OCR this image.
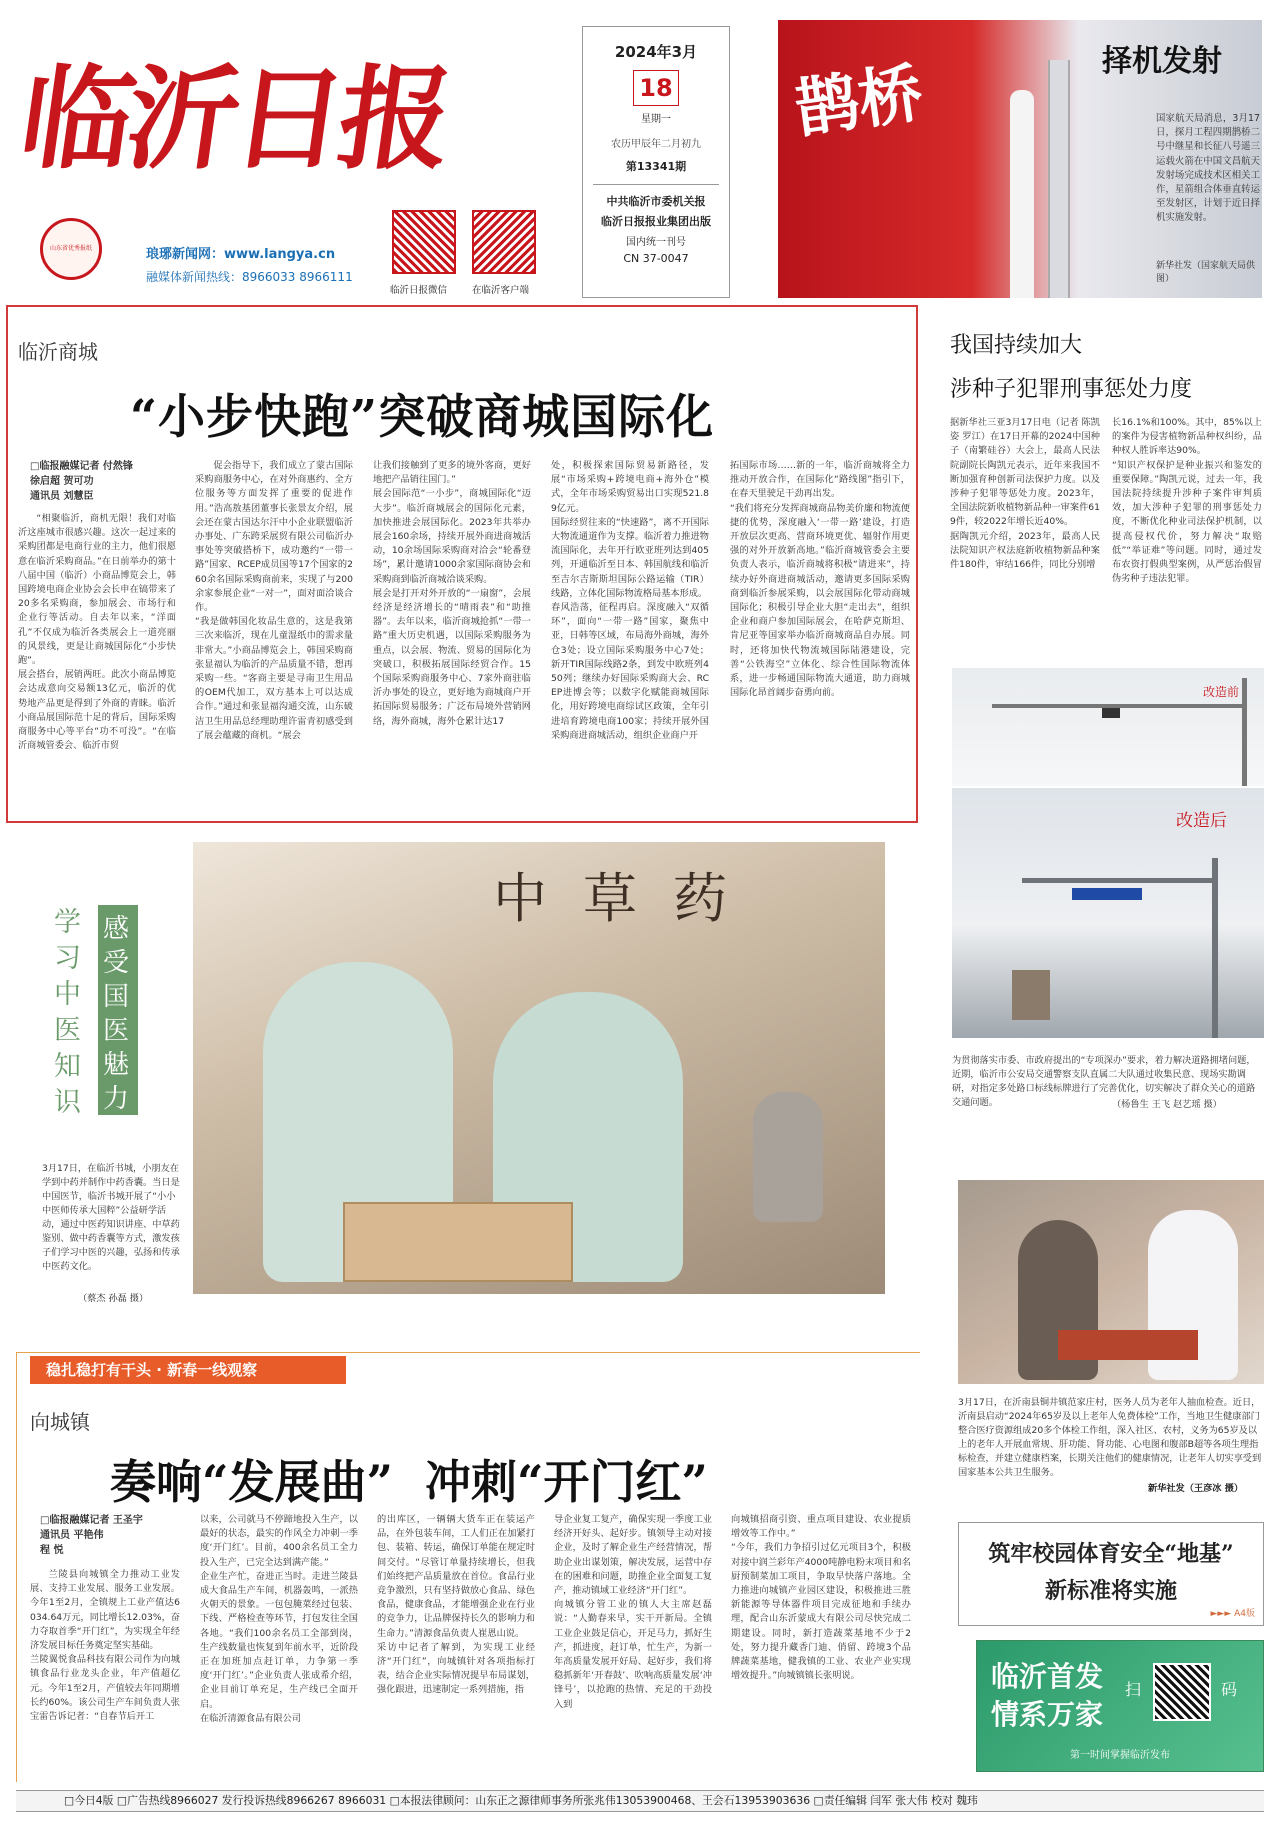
临沂日报
山东省优秀报纸	琅琊新闻网：www.langya.cn
融媒体新闻热线：8966033 8966111
临沂日报微信	在临沂客户端
2024年3月
18
星期一
农历甲辰年二月初九
第13341期
中共临沂市委机关报
临沂日报报业集团出版
国内统一刊号
CN 37-0047
鹊桥	择机发射
国家航天局消息，3月17日，探月工程四期鹊桥二号中继星和长征八号遥三运载火箭在中国文昌航天发射场完成技术区相关工作，星箭组合体垂直转运至发射区，计划于近日择机实施发射。
新华社发（国家航天局供图）
临沂商城
“小步快跑”突破商城国际化
□临报融媒记者 付然锋
徐启超 贺可功
通讯员 刘慧臣
“相聚临沂，商机无限！我们对临沂这座城市很感兴趣。这次一起过来的采购团都是电商行业的主力，他们很愿意在临沂采购商品。”在日前举办的第十八届中国（临沂）小商品博览会上，韩国跨境电商企业协会会长申在镐带来了20多名采购商，参加展会、市场行和企业行等活动。自去年以来，“洋面孔”不仅成为临沂各类展会上一道亮丽的风景线，更是让商城国际化“小步快跑”。
展会搭台，展销两旺。此次小商品博览会达成意向交易额13亿元，临沂的优势地产品更是得到了外商的青睐。临沂小商品展国际范十足的背后，国际采购商服务中心等平台“功不可没”。“在临沂商城管委会、临沂市贸
促会指导下，我们成立了蒙古国际采购商服务中心，在对外商惠约、全方位服务等方面发挥了重要的促进作用。”浩高敖基团董事长张景友介绍，展会还在蒙古国达尔汗中小企业联盟临沂办事处、广东跨采展贸有限公司临沂办事处等突破搭桥下，成功邀约“一带一路”国家、RCEP成员国等17个国家的260余名国际采购商前来，实现了与200余家参展企业“一对一”，面对面洽谈合作。
“我是做韩国化妆品生意的，这是我第三次来临沂，现在儿童湿纸巾的需求量非常大。”小商品博览会上，韩国采购商张显福认为临沂的产品质量不错，想再采购一些。“客商主要是寻南卫生用品的OEM代加工，双方基本上可以达成合作。”通过和张显福沟通交流，山东破洁卫生用品总经理助理许雷青初感受到了展会蕴藏的商机。“展会
让我们接触到了更多的境外客商，更好地把产品销往国门。”
展会国际范“一小步”，商城国际化“迈大步”。临沂商城展会的国际化元素，加快推进会展国际化。2023年共举办展会160余场，持续开展外商进商城活动，10余场国际采购商对洽会“轮番登场”，累计邀请1000余家国际商协会和采购商到临沂商城洽谈采购。
展会是打开对外开放的“一扇窗”，会展经济是经济增长的“晴雨表”和“助推器”。去年以来，临沂商城抢抓“一带一路”重大历史机遇，以国际采购服务为重点，以会展、物流、贸易的国际化为突破口，积极拓展国际经贸合作。15个国际采购商服务中心、7家外商驻临沂办事处的设立，更好地为商城商户开拓国际贸易服务；广泛布局境外营销网络，海外商城，海外仓累计达17
处，积极探索国际贸易新路径，发展“市场采购+跨境电商+海外仓”模式，全年市场采购贸易出口实现521.89亿元。
国际经贸往来的“快速路”，离不开国际大物流通道作为支撑。临沂着力推进物流国际化，去年开行欧亚班列达到405列，开通临沂至日本、韩国航线和临沂至吉尔吉斯斯坦国际公路运输（TIR）线路，立体化国际物流格局基本形成。
春风浩荡，征程再启。深度融入“双循环”，面向“一带一路”国家，聚焦中亚，日韩等区域，布局海外商城，海外仓3处；设立国际采购服务中心7处；新开TIR国际线路2条，到发中欧班列450列；继续办好国际采购商大会、RCEP进博会等；以数字化赋能商城国际化，用好跨境电商综试区政策，全年引进培育跨境电商100家；持续开展外国采购商进商城活动，组织企业商户开
拓国际市场……新的一年，临沂商城将全力推动开放合作，在国际化“路线图”指引下，在春天里驶足干劲再出发。
“我们将充分发挥商城商品物美价廉和物流便捷的优势，深度融入‘一带一路’建设，打造开放层次更高、营商环境更优、辐射作用更强的对外开放新高地。”临沂商城管委会主要负责人表示，临沂商城将积极“请进来”，持续办好外商进商城活动，邀请更多国际采购商到临沂参展采购，以会展国际化带动商城国际化；积极引导企业大胆“走出去”，组织企业和商户参加国际展会，在哈萨克斯坦、肯尼亚等国家举办临沂商城商品自办展。同时，还将加快代物流城国际陆港建设，完善“公铁海空”立体化、综合性国际物流体系，进一步畅通国际物流大通道，助力商城国际化昂首阔步奋勇向前。
我国持续加大
涉种子犯罪刑事惩处力度
据新华社三亚3月17日电（记者 陈凯姿 罗江）在17日开幕的2024中国种子（南繁硅谷）大会上，最高人民法院副院长陶凯元表示，近年来我国不断加强育种创新司法保护力度。以及涉种子犯罪等惩处力度。2023年，全国法院新收植物新品种一审案件619件，较2022年增长近40%。
据陶凯元介绍，2023年，最高人民法院知识产权法庭新收植物新品种案件180件，审结166件，同比分别增
长16.1%和100%。其中，85%以上的案件为侵害植物新品种权纠纷，品种权人胜诉率达90%。
“知识产权保护是种业振兴和鉴发的重要保障。”陶凯元说，过去一年，我国法院持续提升涉种子案件审判质效，加大涉种子犯罪的刑事惩处力度，不断优化种业司法保护机制，以提高侵权代价，努力解决“取赔低”“举证难”等问题。同时，通过发布农资打假典型案例，从严惩治假冒伪劣种子违法犯罪。
改造前
改造后
为贯彻落实市委、市政府提出的“专项深办”要求，着力解决道路拥堵问题，近期，临沂市公安局交通警察支队直属二大队通过收集民意、现场实勘调研，对指定多处路口标线标牌进行了完善优化，切实解决了群众关心的道路交通问题。	（杨鲁生 王飞 赵艺瑶 摄）
中草药
学习中医知识
感受国医魅力
3月17日，在临沂书城，小朋友在学到中药并制作中药香囊。当日是中国医节，临沂书城开展了“小小中医师传承大国粹”公益研学活动，通过中医药知识讲座、中草药鉴别、做中药香囊等方式，激发孩子们学习中医的兴趣，弘扬和传承中医药文化。
（蔡杰 孙磊 摄）
3月17日，在沂南县铜井镇范家庄村，医务人员为老年人抽血检查。近日，沂南县启动“2024年65岁及以上老年人免费体检”工作，当地卫生健康部门整合医疗资源组成20多个体检工作组，深入社区、农村，义务为65岁及以上的老年人开展血常规、肝功能、肾功能、心电图和腹部B超等各项生理指标检查，并建立健康档案，长期关注他们的健康情况，让老年人切实享受到国家基本公共卫生服务。
新华社发（王彦冰 摄）
稳扎稳打有干头 · 新春一线观察
向城镇
奏响“发展曲”  冲刺“开门红”
□临报融媒记者 王圣宇
通讯员 平艳伟
程 悦
兰陵县向城镇全力推动工业发展、支持工业发展、服务工业发展。今年1至2月，全镇规上工业产值达6034.64万元，同比增长12.03%，奋力夺取首季“开门红”，为实现全年经济发展目标任务奠定坚实基础。
兰陵翼悦食品科技有限公司作为向城镇食品行业龙头企业，年产值超亿元。今年1至2月，产值较去年同期增长约60%。该公司生产车间负责人张宝雷告诉记者：“自春节后开工
以来，公司就马不停蹄地投入生产，以最好的状态，最实的作风全力冲刺一季度‘开门红’。目前，400余名员工全力投入生产，已完全达到满产能。”
企业生产忙，奋进正当时。走进兰陵县成大食品生产车间，机器轰鸣，一派热火朝天的景象。一包包腌菜经过包装、下线、严格检查等环节，打包发往全国各地。“我们100余名员工全部到岗，生产线数量也恢复到年前水平，近阶段正在加班加点赶订单，力争第一季度‘开门红’。”企业负责人张成希介绍，企业目前订单充足，生产线已全面开启。
在临沂清源食品有限公司
的出库区，一辆辆大货车正在装运产品，在外包装车间，工人们正在加紧打包、装箱、转运，确保订单能在规定时间交付。“尽管订单量持续增长，但我们始终把产品质量放在首位。食品行业竞争激烈，只有坚持做放心食品、绿色食品，健康食品，才能增强企业在行业的竞争力，让品牌保持长久的影响力和生命力。”清源食品负责人崔恩山说。
采访中记者了解到，为实现工业经济“开门红”，向城镇针对各项指标打表，结合企业实际情况提早布局谋划，强化跟进，迅速制定一系列措施，指
导企业复工复产，确保实现一季度工业经济开好头、起好步。镇领导主动对接企业，及时了解企业生产经营情况，帮助企业出谋划策，解决发展，运营中存在的困难和问题，助推企业全面复工复产，推动镇域工业经济“开门红”。
向城镇分管工业的镇人大主席赵磊说：“人勤春来早，实干开新局。全镇工业企业鼓足信心，开足马力，抓好生产，抓进度，赶订单，忙生产，为新一年高质量发展开好局、起好步，我们将稳抓新年‘开春鼓’、吹响高质量发展‘冲锋号’，以抢跑的热情、充足的干劲投入到
向城镇招商引资、重点项目建设、农业提质增效等工作中。”
“今年，我们力争招引过亿元项目3个，积极对接中润兰彩年产4000吨静电粉末项目和名厨预制菜加工项目，争取早快落户落地。全力推进向城镇产业园区建设，积极推进三胜新能源等导体器件项目完成征地和手续办理，配合山东沂蒙成大有限公司尽快完成二期建设。同时，新打造蔬菜基地不少于2处，努力提升藏香门迪、俏留、跨境3个品牌蔬菜基地，健我镇的工业、农业产业实现增效提升。”向城镇镇长张明说。
筑牢校园体育安全“地基”
新标准将实施
►►► A4版
临沂首发
情系万家
扫	码
第一时间掌握临沂发布
□今日4版 □广告热线8966027 发行投诉热线8966267 8966031 □本报法律顾问：山东正之源律师事务所张兆伟13053900468、王会石13953903636 □责任编辑 闫军 张大伟 校对 魏玮
